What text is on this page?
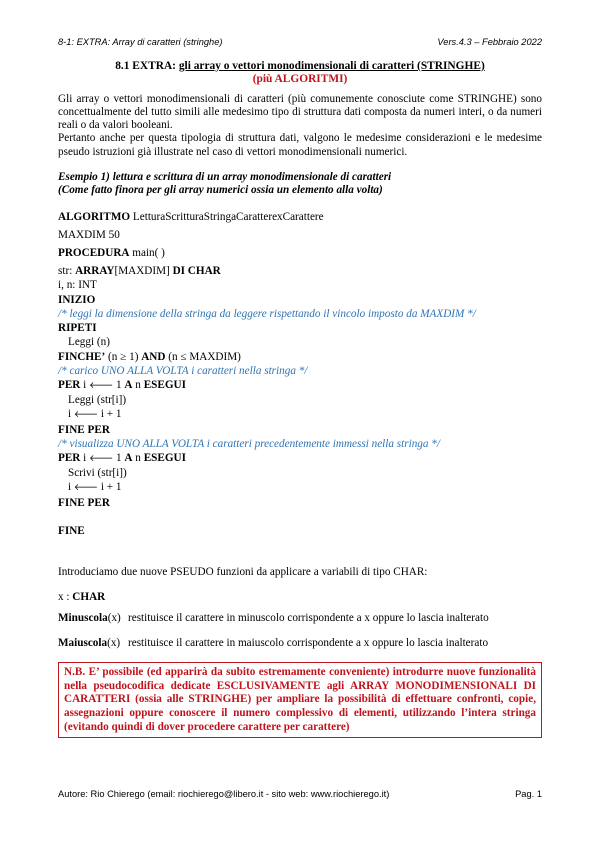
8-1: EXTRA: Array di caratteri (stringhe)	Vers.4.3 – Febbraio 2022
8.1 EXTRA: gli array o vettori monodimensionali di caratteri (STRINGHE)
(più ALGORITMI)

Gli array o vettori monodimensionali di caratteri (più comunemente conosciute come STRINGHE) sono concettualmente del tutto simili alle medesimo tipo di struttura dati composta da numeri interi, o da numeri reali o da valori booleani.

Pertanto anche per questa tipologia di struttura dati, valgono le medesime considerazioni e le medesime pseudo istruzioni già illustrate nel caso di vettori monodimensionali numerici.

Esempio 1) lettura e scrittura di un array monodimensionale di caratteri
(Come fatto finora per gli array numerici ossia un elemento alla volta)
ALGORITMO LetturaScritturaStringaCaratterexCarattere
MAXDIM 50
PROCEDURA main( )
str: ARRAY[MAXDIM] DI CHAR
i, n: INT
INIZIO
/* leggi la dimensione della stringa da leggere rispettando il vincolo imposto da MAXDIM */
RIPETI
Leggi (n)
FINCHE’ (n ≥ 1) AND (n ≤ MAXDIM)
/* carico UNO ALLA VOLTA i caratteri nella stringa */
PER i 🡐 1 A n ESEGUI
Leggi (str[i])
i 🡐 i + 1
FINE PER
/* visualizza UNO ALLA VOLTA i caratteri precedentemente immessi nella stringa */
PER i 🡐 1 A n ESEGUI
Scrivi (str[i])
i 🡐 i + 1
FINE PER
FINE
Introduciamo due nuove PSEUDO funzioni da applicare a variabili di tipo CHAR:
x : CHAR
Minuscola(x) restituisce il carattere in minuscolo corrispondente a x oppure lo lascia inalterato
Maiuscola(x) restituisce il carattere in maiuscolo corrispondente a x oppure lo lascia inalterato
N.B. E’ possibile (ed apparirà da subito estremamente conveniente) introdurre nuove funzionalità nella pseudocodifica dedicate ESCLUSIVAMENTE agli ARRAY MONODIMENSIONALI DI CARATTERI (ossia alle STRINGHE) per ampliare la possibilità di effettuare confronti, copie, assegnazioni oppure conoscere il numero complessivo di elementi, utilizzando l’intera stringa (evitando quindi di dover procedere carattere per carattere)
Autore: Rio Chierego (email: riochierego@libero.it - sito web: www.riochierego.it)	Pag. 1
